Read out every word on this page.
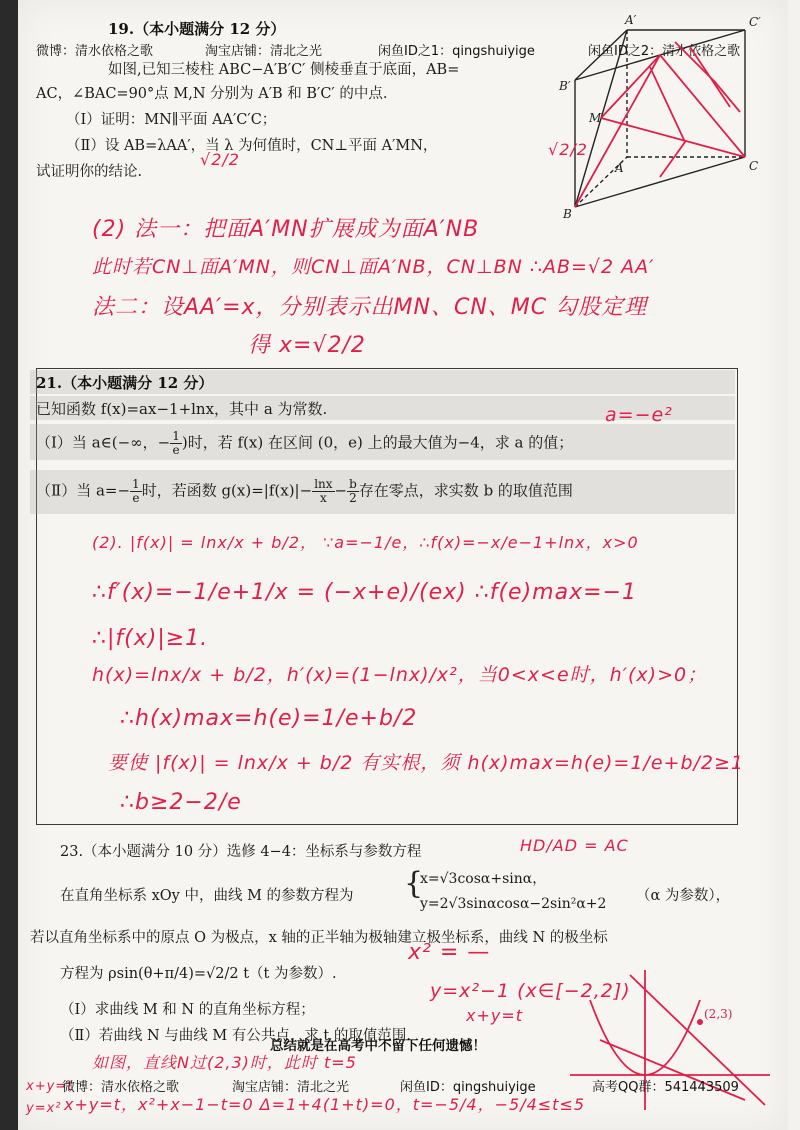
微博：清水依格之歌	淘宝店铺：清北之光	闲鱼ID之1：qingshuiyige	闲鱼ID之2：清水依格之歌
19.（本小题满分 12 分）
如图,已知三棱柱 ABC−A′B′C′ 侧棱垂直于底面，AB=
AC，∠BAC=90°点 M,N 分别为 A′B 和 B′C′ 的中点.
（Ⅰ）证明：MN∥平面 AA′C′C；
（Ⅱ）设 AB=λAA′，当 λ 为何值时，CN⊥平面 A′MN，
试证明你的结论.
√2/2
A′	C′
B′
M
A	C
B
√2/2
(2) 法一：把面A′MN扩展成为面A′NB
此时若CN⊥面A′MN，则CN⊥面A′NB，CN⊥BN ∴AB=√2 AA′
法二：设AA′=x，分别表示出MN、CN、MC 勾股定理
得 x=√2/2
21.（本小题满分 12 分）
已知函数 f(x)=ax−1+lnx，其中 a 为常数.
（Ⅰ）当 a∈(−∞，− $\frac{1}{e}$ )时，若 f(x) 在区间 (0，e) 上的最大值为−4，求 a 的值；
a=−e²
（Ⅱ）当 $a=- \frac{1}{e}$ 时，若函数 $g(x)=|f(x)|- \frac{\ln x}{x} - \frac{b}{2}$ 存在零点，求实数 b 的取值范围
(2). |f(x)| = lnx/x + b/2， ∵a=−1/e，∴f(x)=−x/e−1+lnx，x>0
∴f′(x)=−1/e+1/x = (−x+e)/(ex) ∴f(e)max=−1
∴|f(x)|≥1.
h(x)=lnx/x + b/2，h′(x)=(1−lnx)/x²，当0<x<e时，h′(x)>0；
∴h(x)max=h(e)=1/e+b/2
要使 |f(x)| = lnx/x + b/2 有实根，须 h(x)max=h(e)=1/e+b/2≥1
∴b≥2−2/e
23.（本小题满分 10 分）选修 4−4：坐标系与参数方程	HD/AD = AC
在直角坐标系 xOy 中，曲线 M 的参数方程为 {
x=√3cosα+sinα，
y=2√3sinαcosα−2sin²α+2 （α 为参数），
若以直角坐标系中的原点 O 为极点，x 轴的正半轴为极轴建立极坐标系，曲线 N 的极坐标
方程为 ρsin(θ+π/4)=√2/2 t（t 为参数）.
（Ⅰ）求曲线 M 和 N 的直角坐标方程；
（Ⅱ）若曲线 N 与曲线 M 有公共点，求 t 的取值范围.
总结就是在高考中不留下任何遗憾！
x² = —
y=x²−1 (x∈[−2,2])
x+y=t
如图，直线N过(2,3)时，此时 t=5
x+y=t，x²+x−1−t=0 Δ=1+4(1+t)=0，t=−5/4，−5/4≤t≤5
x+y=t y=x²
(2,3)
微博：清水依格之歌	淘宝店铺：清北之光	闲鱼ID：qingshuiyige	高考QQ群：541443509
